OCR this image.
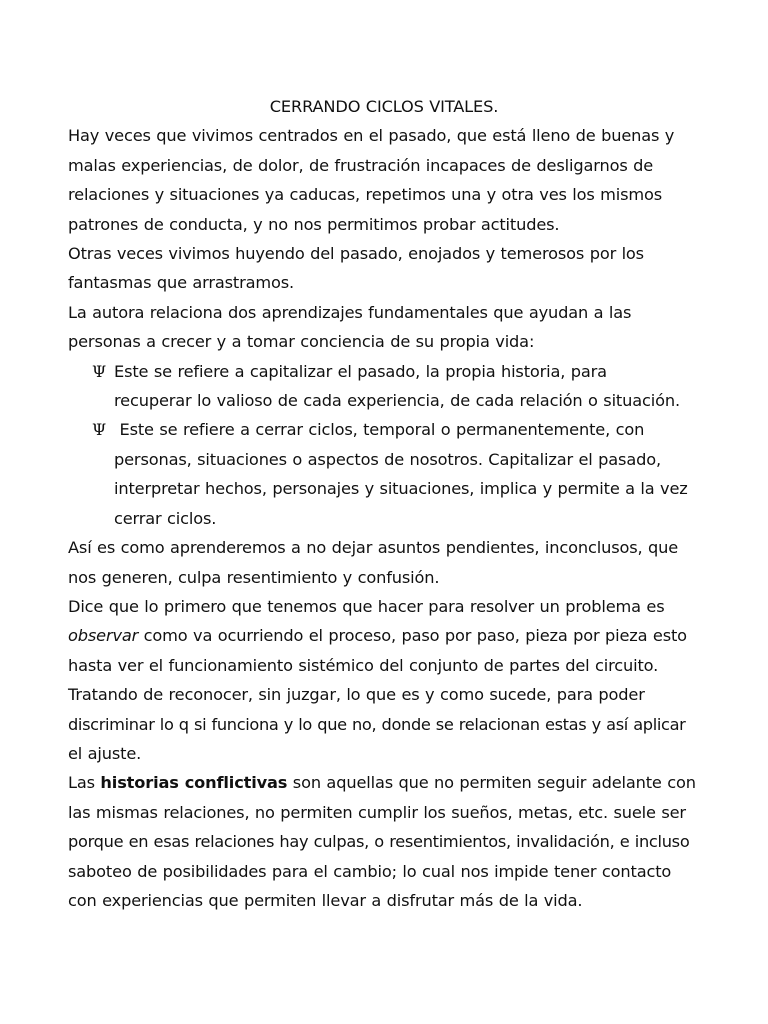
CERRANDO CICLOS VITALES.
Hay veces que vivimos centrados en el pasado, que está lleno de buenas y
malas experiencias, de dolor, de frustración incapaces de desligarnos de
relaciones y situaciones ya caducas, repetimos una y otra ves los mismos
patrones de conducta, y no nos permitimos probar actitudes.
Otras veces vivimos huyendo del pasado, enojados y temerosos por los
fantasmas que arrastramos.
La autora relaciona dos aprendizajes fundamentales que ayudan a las
personas a crecer y a tomar conciencia de su propia vida:
Ψ Este se refiere a capitalizar el pasado, la propia historia, para
recuperar lo valioso de cada experiencia, de cada relación o situación.
Ψ Este se refiere a cerrar ciclos, temporal o permanentemente, con
personas, situaciones o aspectos de nosotros. Capitalizar el pasado,
interpretar hechos, personajes y situaciones, implica y permite a la vez
cerrar ciclos.
Así es como aprenderemos a no dejar asuntos pendientes, inconclusos, que
nos generen, culpa resentimiento y confusión.
Dice que lo primero que tenemos que hacer para resolver un problema es
observar como va ocurriendo el proceso, paso por paso, pieza por pieza esto
hasta ver el funcionamiento sistémico del conjunto de partes del circuito.
Tratando de reconocer, sin juzgar, lo que es y como sucede, para poder
discriminar lo q si funciona y lo que no, donde se relacionan estas y así aplicar
el ajuste.
Las historias conflictivas son aquellas que no permiten seguir adelante con
las mismas relaciones, no permiten cumplir los sueños, metas, etc. suele ser
porque en esas relaciones hay culpas, o resentimientos, invalidación, e incluso
saboteo de posibilidades para el cambio; lo cual nos impide tener contacto
con experiencias que permiten llevar a disfrutar más de la vida.
